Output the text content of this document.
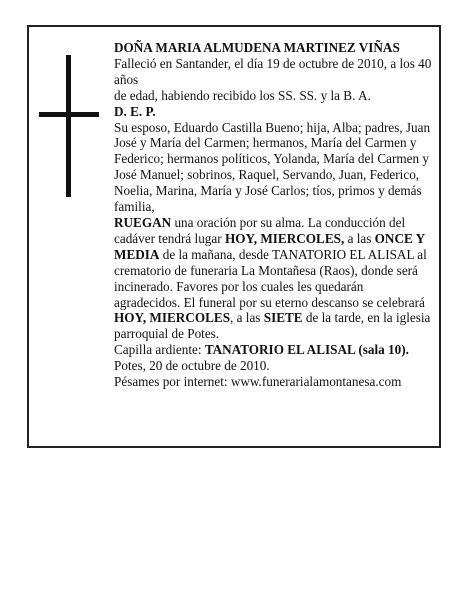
DOÑA MARIA ALMUDENA MARTINEZ VIÑAS

Falleció en Santander, el día 19 de octubre de 2010, a los 40 años

de edad, habiendo recibido los SS. SS. y la B. A.

D. E. P.

Su esposo, Eduardo Castilla Bueno; hija, Alba; padres, Juan José y María del Carmen; hermanos, María del Carmen y Federico; hermanos políticos, Yolanda, María del Carmen y José Manuel; sobrinos, Raquel, Servando, Juan, Federico, Noelia, Marina, María y José Carlos; tíos, primos y demás familia,

RUEGAN una oración por su alma. La conducción del cadáver tendrá lugar HOY, MIERCOLES, a las ONCE Y MEDIA de la mañana, desde TANATORIO EL ALISAL al crematorio de funeraria La Montañesa (Raos), donde será incinerado. Favores por los cuales les quedarán agradecidos. El funeral por su eterno descanso se celebrará HOY, MIERCOLES, a las SIETE de la tarde, en la iglesia parroquial de Potes.

Capilla ardiente: TANATORIO EL ALISAL (sala 10).

Potes, 20 de octubre de 2010.

Pésames por internet: www.funerarialamontanesa.com
